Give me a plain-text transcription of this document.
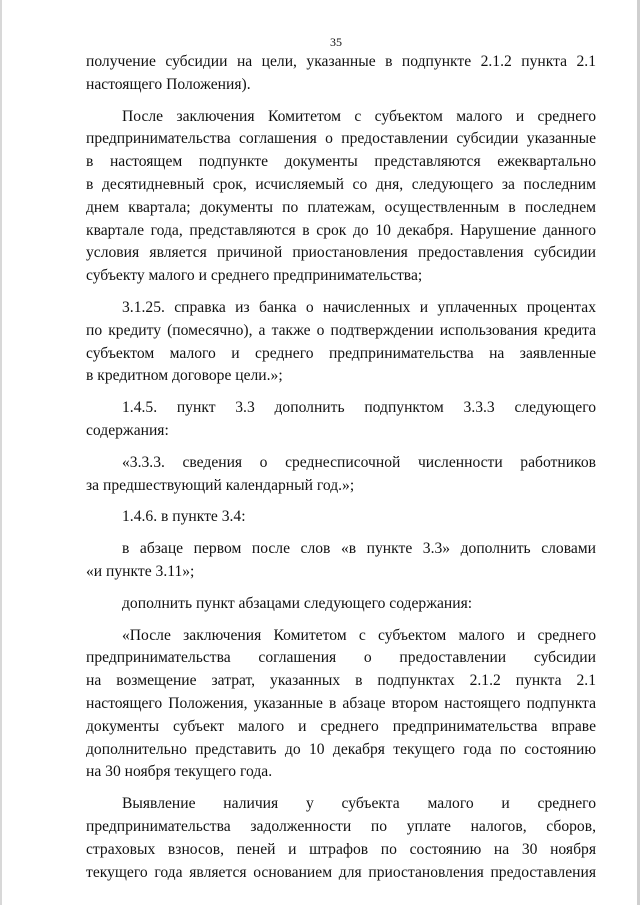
35
получение субсидии на цели, указанные в подпункте 2.1.2 пункта 2.1
настоящего Положения).
После заключения Комитетом с субъектом малого и среднего
предпринимательства соглашения о предоставлении субсидии указанные
в настоящем подпункте документы представляются ежеквартально
в десятидневный срок, исчисляемый со дня, следующего за последним
днем квартала; документы по платежам, осуществленным в последнем
квартале года, представляются в срок до 10 декабря. Нарушение данного
условия является причиной приостановления предоставления субсидии
субъекту малого и среднего предпринимательства;
3.1.25. справка из банка о начисленных и уплаченных процентах
по кредиту (помесячно), а также о подтверждении использования кредита
субъектом малого и среднего предпринимательства на заявленные
в кредитном договоре цели.»;
1.4.5. пункт 3.3 дополнить подпунктом 3.3.3 следующего
содержания:
«3.3.3. сведения о среднесписочной численности работников
за предшествующий календарный год.»;
1.4.6. в пункте 3.4:
в абзаце первом после слов «в пункте 3.3» дополнить словами
«и пункте 3.11»;
дополнить пункт абзацами следующего содержания:
«После заключения Комитетом с субъектом малого и среднего
предпринимательства соглашения о предоставлении субсидии
на возмещение затрат, указанных в подпунктах 2.1.2 пункта 2.1
настоящего Положения, указанные в абзаце втором настоящего подпункта
документы субъект малого и среднего предпринимательства вправе
дополнительно представить до 10 декабря текущего года по состоянию
на 30 ноября текущего года.
Выявление наличия у субъекта малого и среднего
предпринимательства задолженности по уплате налогов, сборов,
страховых взносов, пеней и штрафов по состоянию на 30 ноября
текущего года является основанием для приостановления предоставления
